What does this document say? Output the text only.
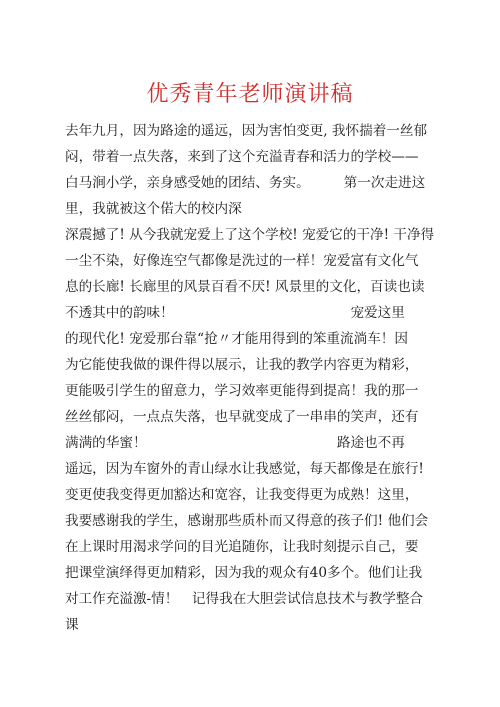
优秀青年老师演讲稿
去年九月，因为路途的遥远，因为害怕变更, 我怀揣着一丝郁
闷，带着一点失落，来到了这个充溢青春和活力的学校——
白马涧小学，亲身感受她的团结、务实。　　　第一次走进这
里，我就被这个偌大的校内深
深震撼了! 从今我就宠爱上了这个学校! 宠爱它的干净! 干净得
一尘不染，好像连空气都像是洗过的一样！宠爱富有文化气
息的长廊! 长廊里的风景百看不厌! 风景里的文化，百读也读
不透其中的韵味！　　　　　　　　　　　　　宠爱这里
的现代化! 宠爱那台靠“抢〃才能用得到的笨重流淌车！因
为它能使我做的课件得以展示，让我的教学内容更为精彩，
更能吸引学生的留意力，学习效率更能得到提高！我的那一
丝丝郁闷，一点点失落，也早就变成了一串串的笑声，还有
满满的华蜜！　　　　　　　　　　　　　　路途也不再
遥远，因为车窗外的青山绿水让我感觉，每天都像是在旅行!
变更使我变得更加豁达和宽容，让我变得更为成熟！这里，
我要感谢我的学生，感谢那些质朴而又得意的孩子们! 他们会
在上课时用渴求学问的目光追随你，让我时刻提示自己，要
把课堂演绎得更加精彩，因为我的观众有40多个。他们让我
对工作充溢激-情！　记得我在大胆尝试信息技术与教学整合
课
